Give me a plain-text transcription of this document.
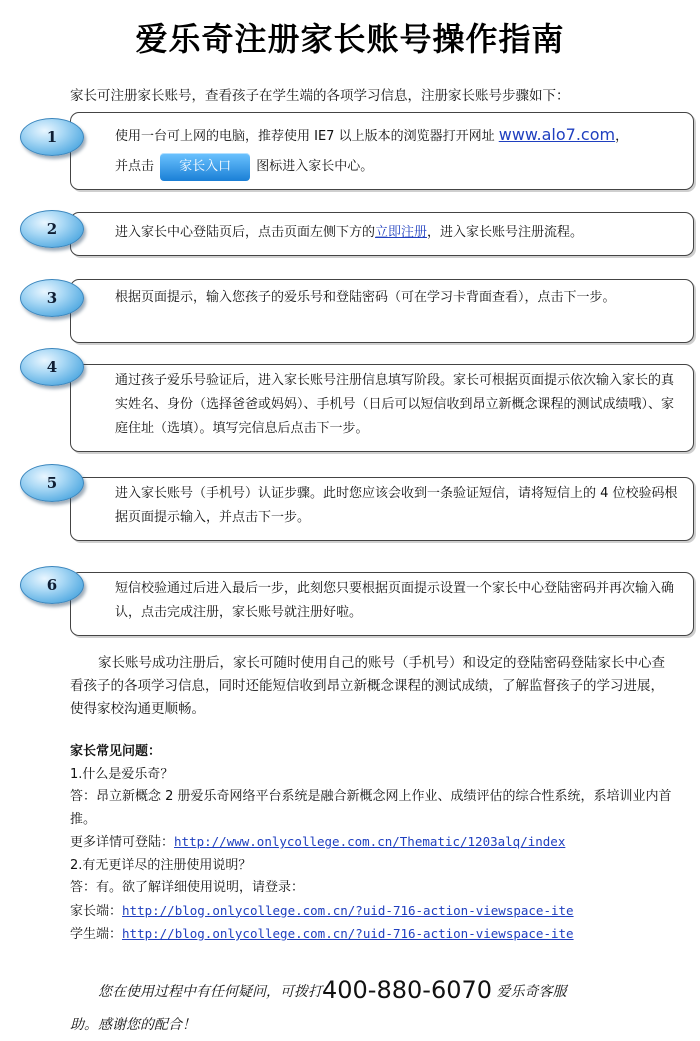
爱乐奇注册家长账号操作指南
家长可注册家长账号，查看孩子在学生端的各项学习信息，注册家长账号步骤如下：
使用一台可上网的电脑，推荐使用 IE7 以上版本的浏览器打开网址 www.alo7.com，
并点击 家长入口 图标进入家长中心。
1
进入家长中心登陆页后，点击页面左侧下方的立即注册，进入家长账号注册流程。
2
根据页面提示，输入您孩子的爱乐号和登陆密码（可在学习卡背面查看），点击下一步。
3
通过孩子爱乐号验证后，进入家长账号注册信息填写阶段。家长可根据页面提示依次输入家长的真实姓名、身份（选择爸爸或妈妈）、手机号（日后可以短信收到昂立新概念课程的测试成绩哦）、家庭住址（选填）。填写完信息后点击下一步。
4
进入家长账号（手机号）认证步骤。此时您应该会收到一条验证短信，请将短信上的 4 位校验码根据页面提示输入，并点击下一步。
5
短信校验通过后进入最后一步，此刻您只要根据页面提示设置一个家长中心登陆密码并再次输入确认，点击完成注册，家长账号就注册好啦。
6
家长账号成功注册后，家长可随时使用自己的账号（手机号）和设定的登陆密码登陆家长中心查看孩子的各项学习信息，同时还能短信收到昂立新概念课程的测试成绩，了解监督孩子的学习进展，使得家校沟通更顺畅。
家长常见问题：
1.什么是爱乐奇？
答：昂立新概念 2 册爱乐奇网络平台系统是融合新概念网上作业、成绩评估的综合性系统，系培训业内首推。
更多详情可登陆：http://www.onlycollege.com.cn/Thematic/1203alq/index
2.有无更详尽的注册使用说明？
答：有。欲了解详细使用说明，请登录：
家长端：http://blog.onlycollege.com.cn/?uid-716-action-viewspace-ite
学生端：http://blog.onlycollege.com.cn/?uid-716-action-viewspace-ite
您在使用过程中有任何疑问，可拨打400-880-6070 爱乐奇客服
助。感谢您的配合！
